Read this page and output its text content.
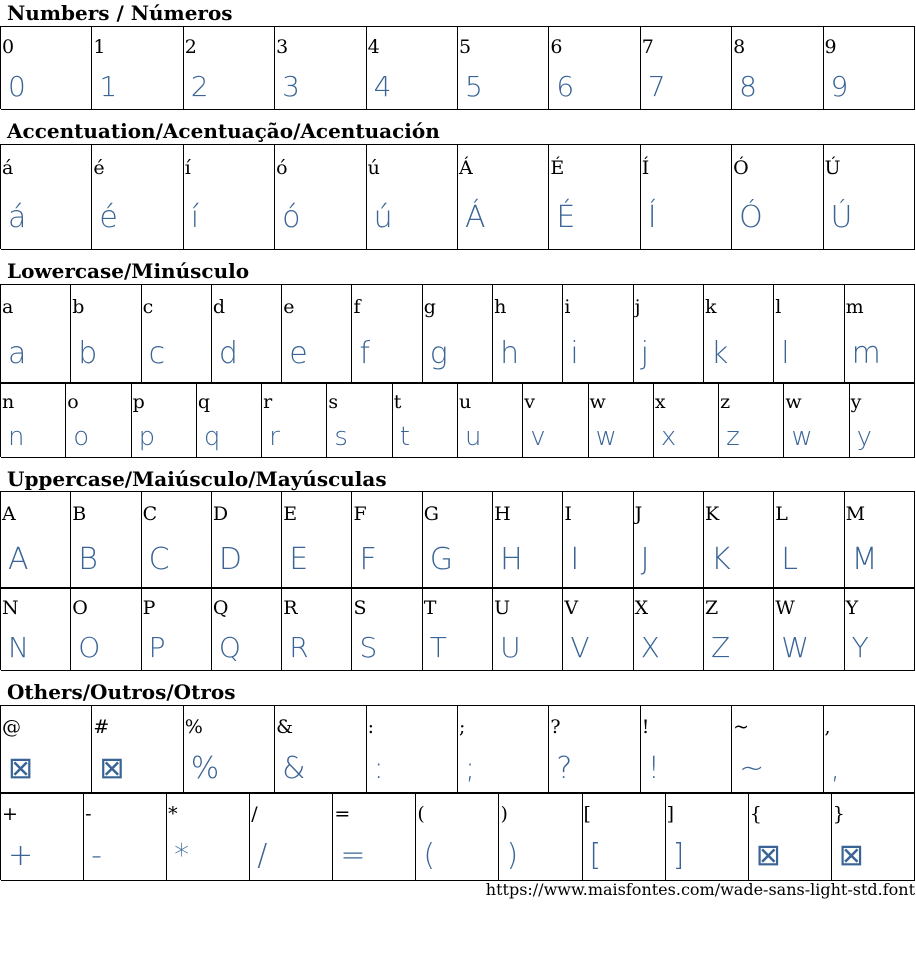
Numbers / Números
0
0
1
1
2
2
3
3
4
4
5
5
6
6
7
7
8
8
9
9
Accentuation/Acentuação/Acentuación
á
á
é
é
í
í
ó
ó
ú
ú
Á
Á
É
É
Í
Í
Ó
Ó
Ú
Ú
Lowercase/Minúsculo
a
a
b
b
c
c
d
d
e
e
f
f
g
g
h
h
i
i
j
j
k
k
l
l
m
m
n
n
o
o
p
p
q
q
r
r
s
s
t
t
u
u
v
v
w
w
x
x
z
z
w
w
y
y
Uppercase/Maiúsculo/Mayúsculas
A
A
B
B
C
C
D
D
E
E
F
F
G
G
H
H
I
I
J
J
K
K
L
L
M
M
N
N
O
O
P
P
Q
Q
R
R
S
S
T
T
U
U
V
V
X
X
Z
Z
W
W
Y
Y
Others/Outros/Otros
@
⊠
#
⊠
%
%
&
&
:
:
;
;
?
?
!
!
~
~
,
,
+
+
-
-
*
*
/
/
=
=
(
(
)
)
[
[
]
]
{
⊠
}
⊠
https://www.maisfontes.com/wade-sans-light-std.font
